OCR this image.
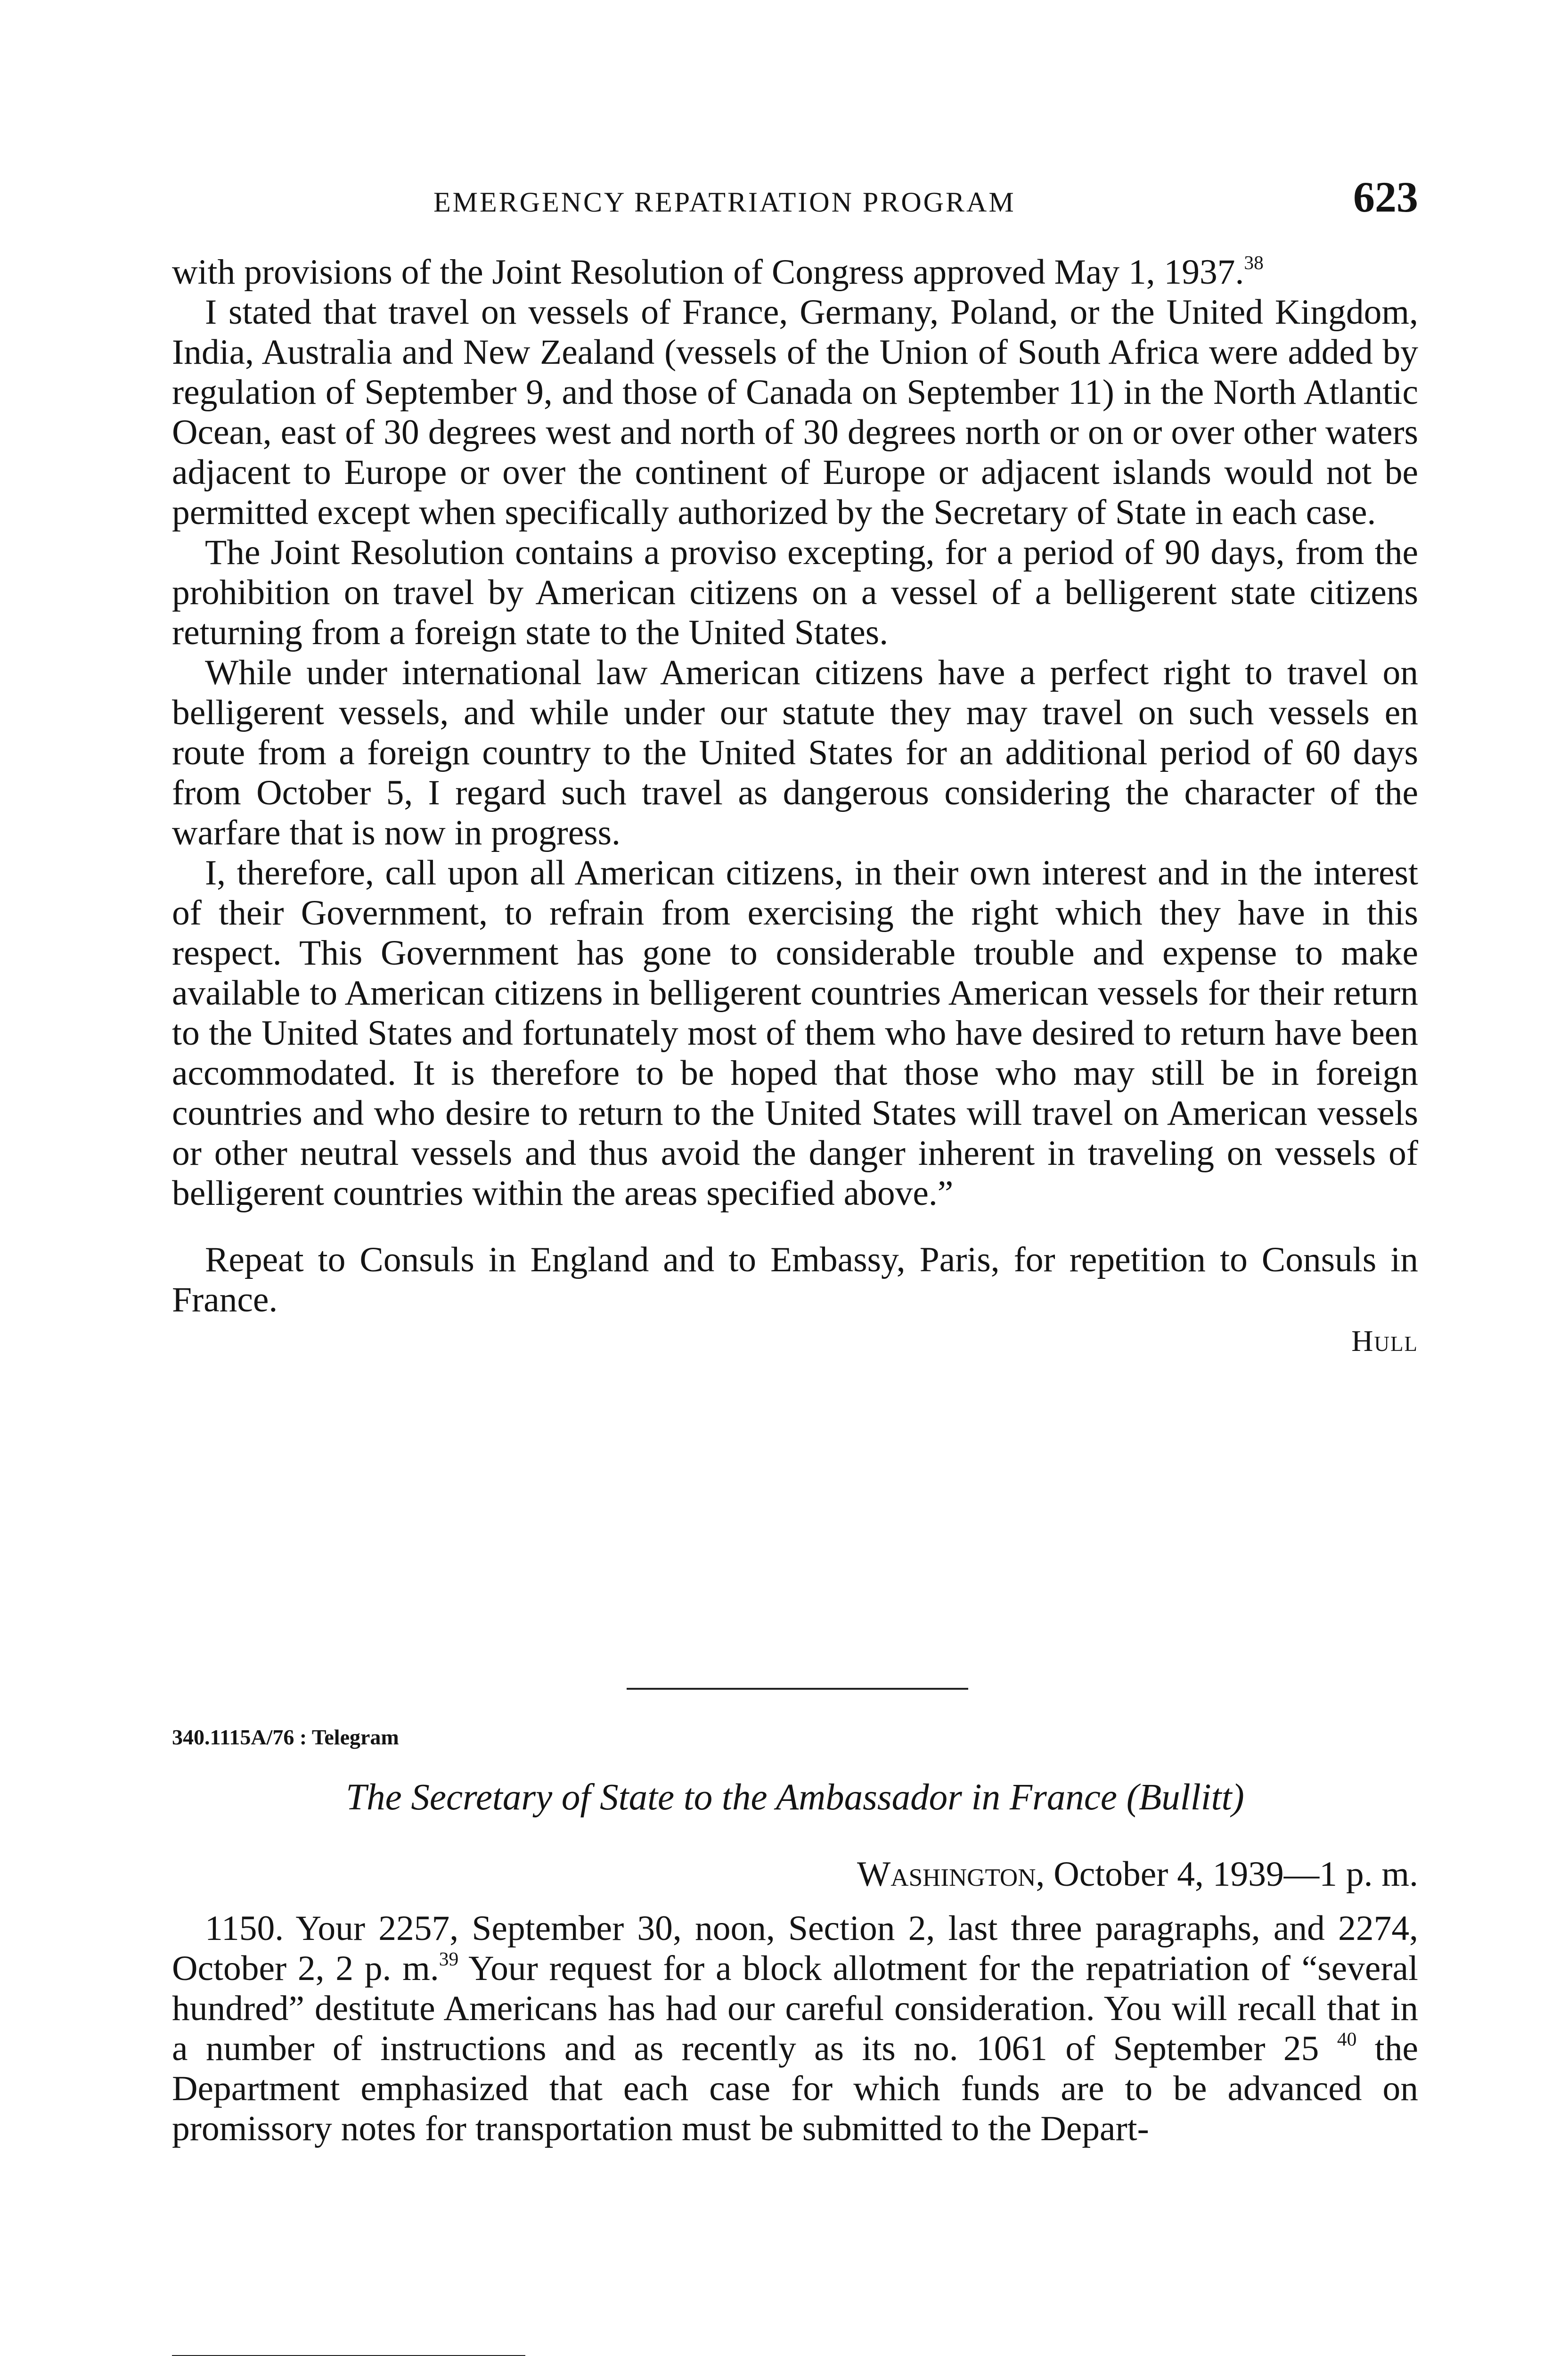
EMERGENCY REPATRIATION PROGRAM	623

with provisions of the Joint Resolution of Congress approved May 1, 1937.38

I stated that travel on vessels of France, Germany, Poland, or the United Kingdom, India, Australia and New Zealand (vessels of the Union of South Africa were added by regulation of September 9, and those of Canada on September 11) in the North Atlantic Ocean, east of 30 degrees west and north of 30 degrees north or on or over other waters adjacent to Europe or over the continent of Europe or adjacent islands would not be permitted except when specifically authorized by the Secretary of State in each case.

The Joint Resolution contains a proviso excepting, for a period of 90 days, from the prohibition on travel by American citizens on a vessel of a belligerent state citizens returning from a foreign state to the United States.

While under international law American citizens have a perfect right to travel on belligerent vessels, and while under our statute they may travel on such vessels en route from a foreign country to the United States for an additional period of 60 days from October 5, I regard such travel as dangerous considering the character of the warfare that is now in progress.

I, therefore, call upon all American citizens, in their own interest and in the interest of their Government, to refrain from exercising the right which they have in this respect. This Government has gone to considerable trouble and expense to make available to American citizens in belligerent countries American vessels for their return to the United States and fortunately most of them who have desired to return have been accommodated. It is therefore to be hoped that those who may still be in foreign countries and who desire to return to the United States will travel on American vessels or other neutral vessels and thus avoid the danger inherent in traveling on vessels of belligerent countries within the areas specified above.”

Repeat to Consuls in England and to Embassy, Paris, for repetition to Consuls in France.

Hull
340.1115A/76 : Telegram
The Secretary of State to the Ambassador in France (Bullitt)
Washington, October 4, 1939—1 p. m.

1150. Your 2257, September 30, noon, Section 2, last three paragraphs, and 2274, October 2, 2 p. m.$^{39}$ Your request for a block allotment for the repatriation of “several hundred” destitute Americans has had our careful consideration. You will recall that in a number of instructions and as recently as its no. 1061 of September 25 $^{40}$ the Department emphasized that each case for which funds are to be advanced on promissory notes for transportation must be submitted to the Depart-
